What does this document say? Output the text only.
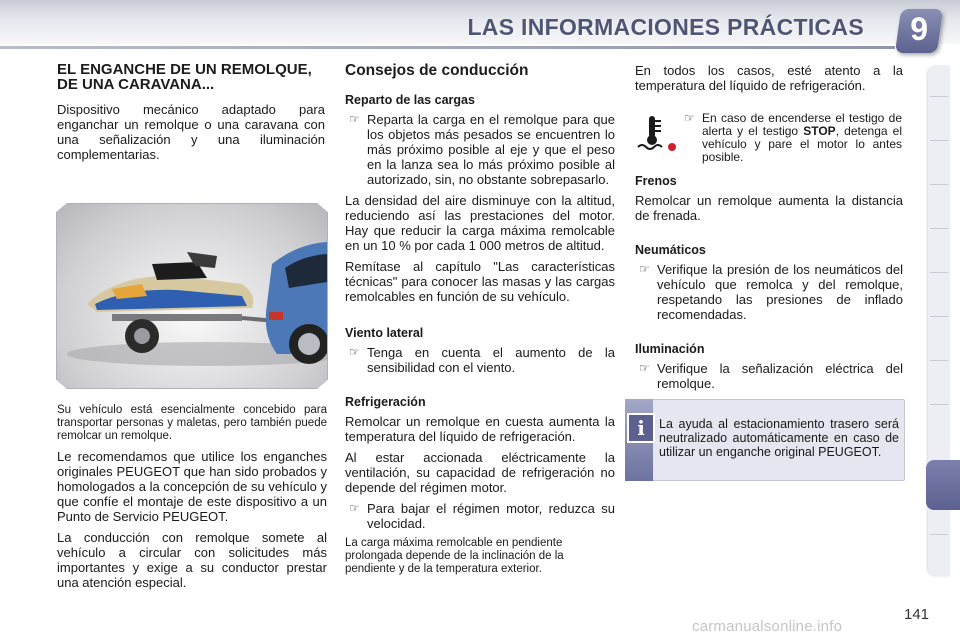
LAS INFORMACIONES PRÁCTICAS	9
EL ENGANCHE DE UN REMOLQUE, DE UNA CARAVANA...

Dispositivo mecánico adaptado para enganchar un remolque o una caravana con una señalización y una iluminación complementarias.

Su vehículo está esencialmente concebido para transportar personas y maletas, pero también puede remolcar un remolque.

Le recomendamos que utilice los enganches originales PEUGEOT que han sido probados y homologados a la concepción de su vehículo y que confíe el montaje de este dispositivo a un Punto de Servicio PEUGEOT.

La conducción con remolque somete al vehículo a circular con solicitudes más importantes y exige a su conductor prestar una atención especial.

Consejos de conducción
Reparto de las cargas
☞ Reparta la carga en el remolque para que los objetos más pesados se encuentren lo más próximo posible al eje y que el peso en la lanza sea lo más próximo posible al autorizado, sin, no obstante sobrepasarlo.

La densidad del aire disminuye con la altitud, reduciendo así las prestaciones del motor. Hay que reducir la carga máxima remolcable en un 10 % por cada 1 000 metros de altitud.

Remítase al capítulo "Las características técnicas" para conocer las masas y las cargas remolcables en función de su vehículo.

Viento lateral
☞ Tenga en cuenta el aumento de la sensibilidad con el viento.
Refrigeración

Remolcar un remolque en cuesta aumenta la temperatura del líquido de refrigeración.

Al estar accionada eléctricamente la ventilación, su capacidad de refrigeración no depende del régimen motor.

☞ Para bajar el régimen motor, reduzca su velocidad.

La carga máxima remolcable en pendiente prolongada depende de la inclinación de la pendiente y de la temperatura exterior.

En todos los casos, esté atento a la temperatura del líquido de refrigeración.

☞ En caso de encenderse el testigo de alerta y el testigo STOP, detenga el vehículo y pare el motor lo antes posible.
Frenos

Remolcar un remolque aumenta la distancia de frenada.

Neumáticos
☞ Verifique la presión de los neumáticos del vehículo que remolca y del remolque, respetando las presiones de inflado recomendadas.
Iluminación
☞ Verifique la señalización eléctrica del remolque.
i	La ayuda al estacionamiento trasero será neutralizado automáticamente en caso de utilizar un enganche original PEUGEOT.
141
carmanualsonline.info
